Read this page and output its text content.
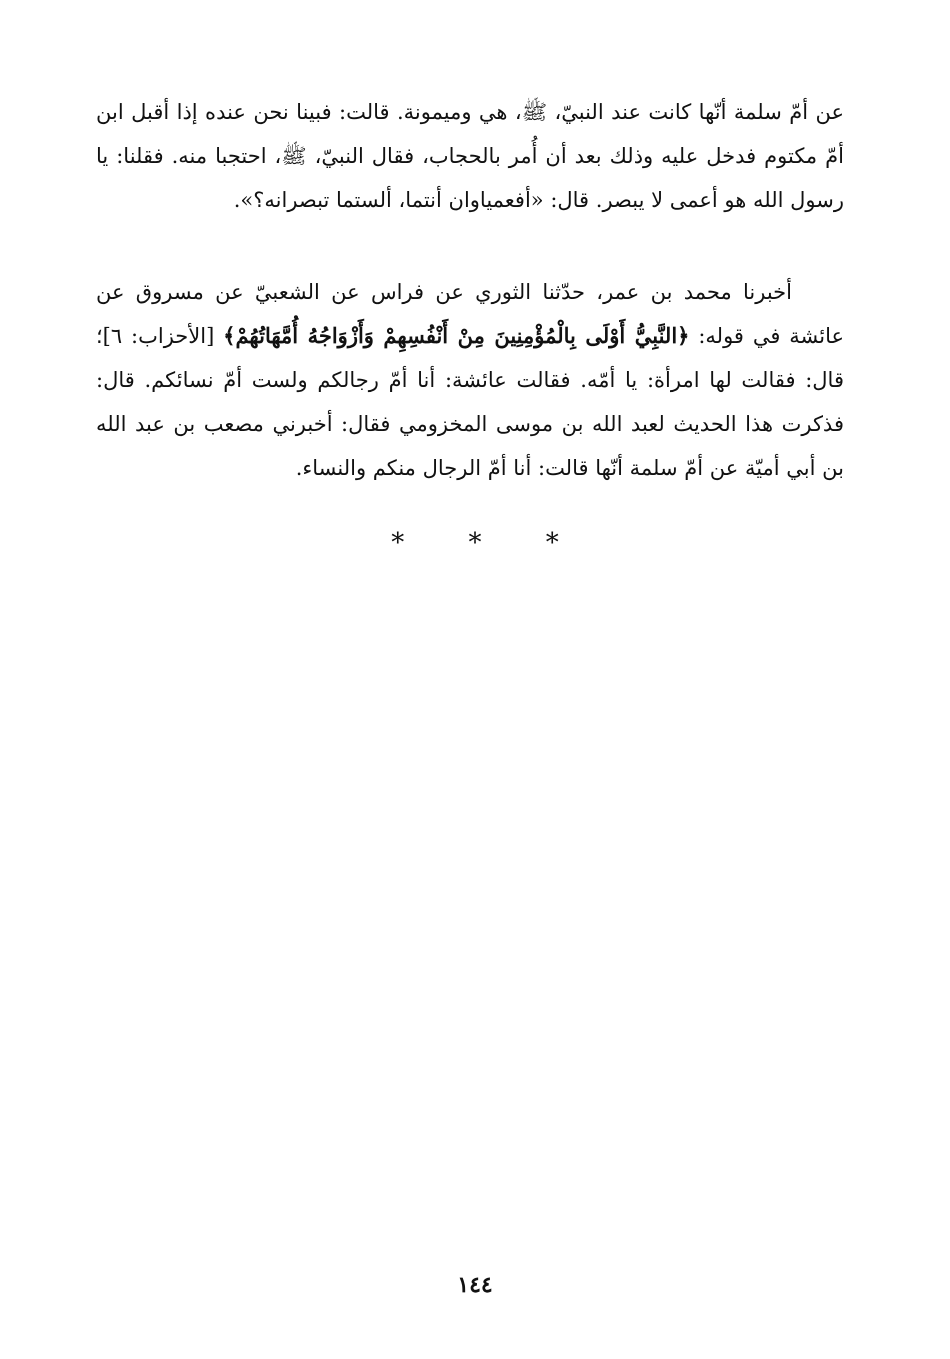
عن أمّ سلمة أنّها كانت عند النبيّ، ﷺ، هي وميمونة. قالت: فبينا نحن عنده إذا أقبل ابن أمّ مكتوم فدخل عليه وذلك بعد أن أُمر بالحجاب، فقال النبيّ، ﷺ، احتجبا منه. فقلنا: يا رسول الله هو أعمى لا يبصر. قال: «أفعمياوان أنتما، ألستما تبصرانه؟».
أخبرنا محمد بن عمر، حدّثنا الثوري عن فراس عن الشعبيّ عن مسروق عن عائشة في قوله: ﴿النَّبِيُّ أَوْلَى بِالْمُؤْمِنِينَ مِنْ أَنْفُسِهِمْ وَأَزْوَاجُهُ أُمَّهَاتُهُمْ﴾ [الأحزاب: ٦]؛ قال: فقالت لها امرأة: يا أمّه. فقالت عائشة: أنا أمّ رجالكم ولست أمّ نسائكم. قال: فذكرت هذا الحديث لعبد الله بن موسى المخزومي فقال: أخبرني مصعب بن عبد الله بن أبي أميّة عن أمّ سلمة أنّها قالت: أنا أمّ الرجال منكم والنساء.
* * *
١٤٤
